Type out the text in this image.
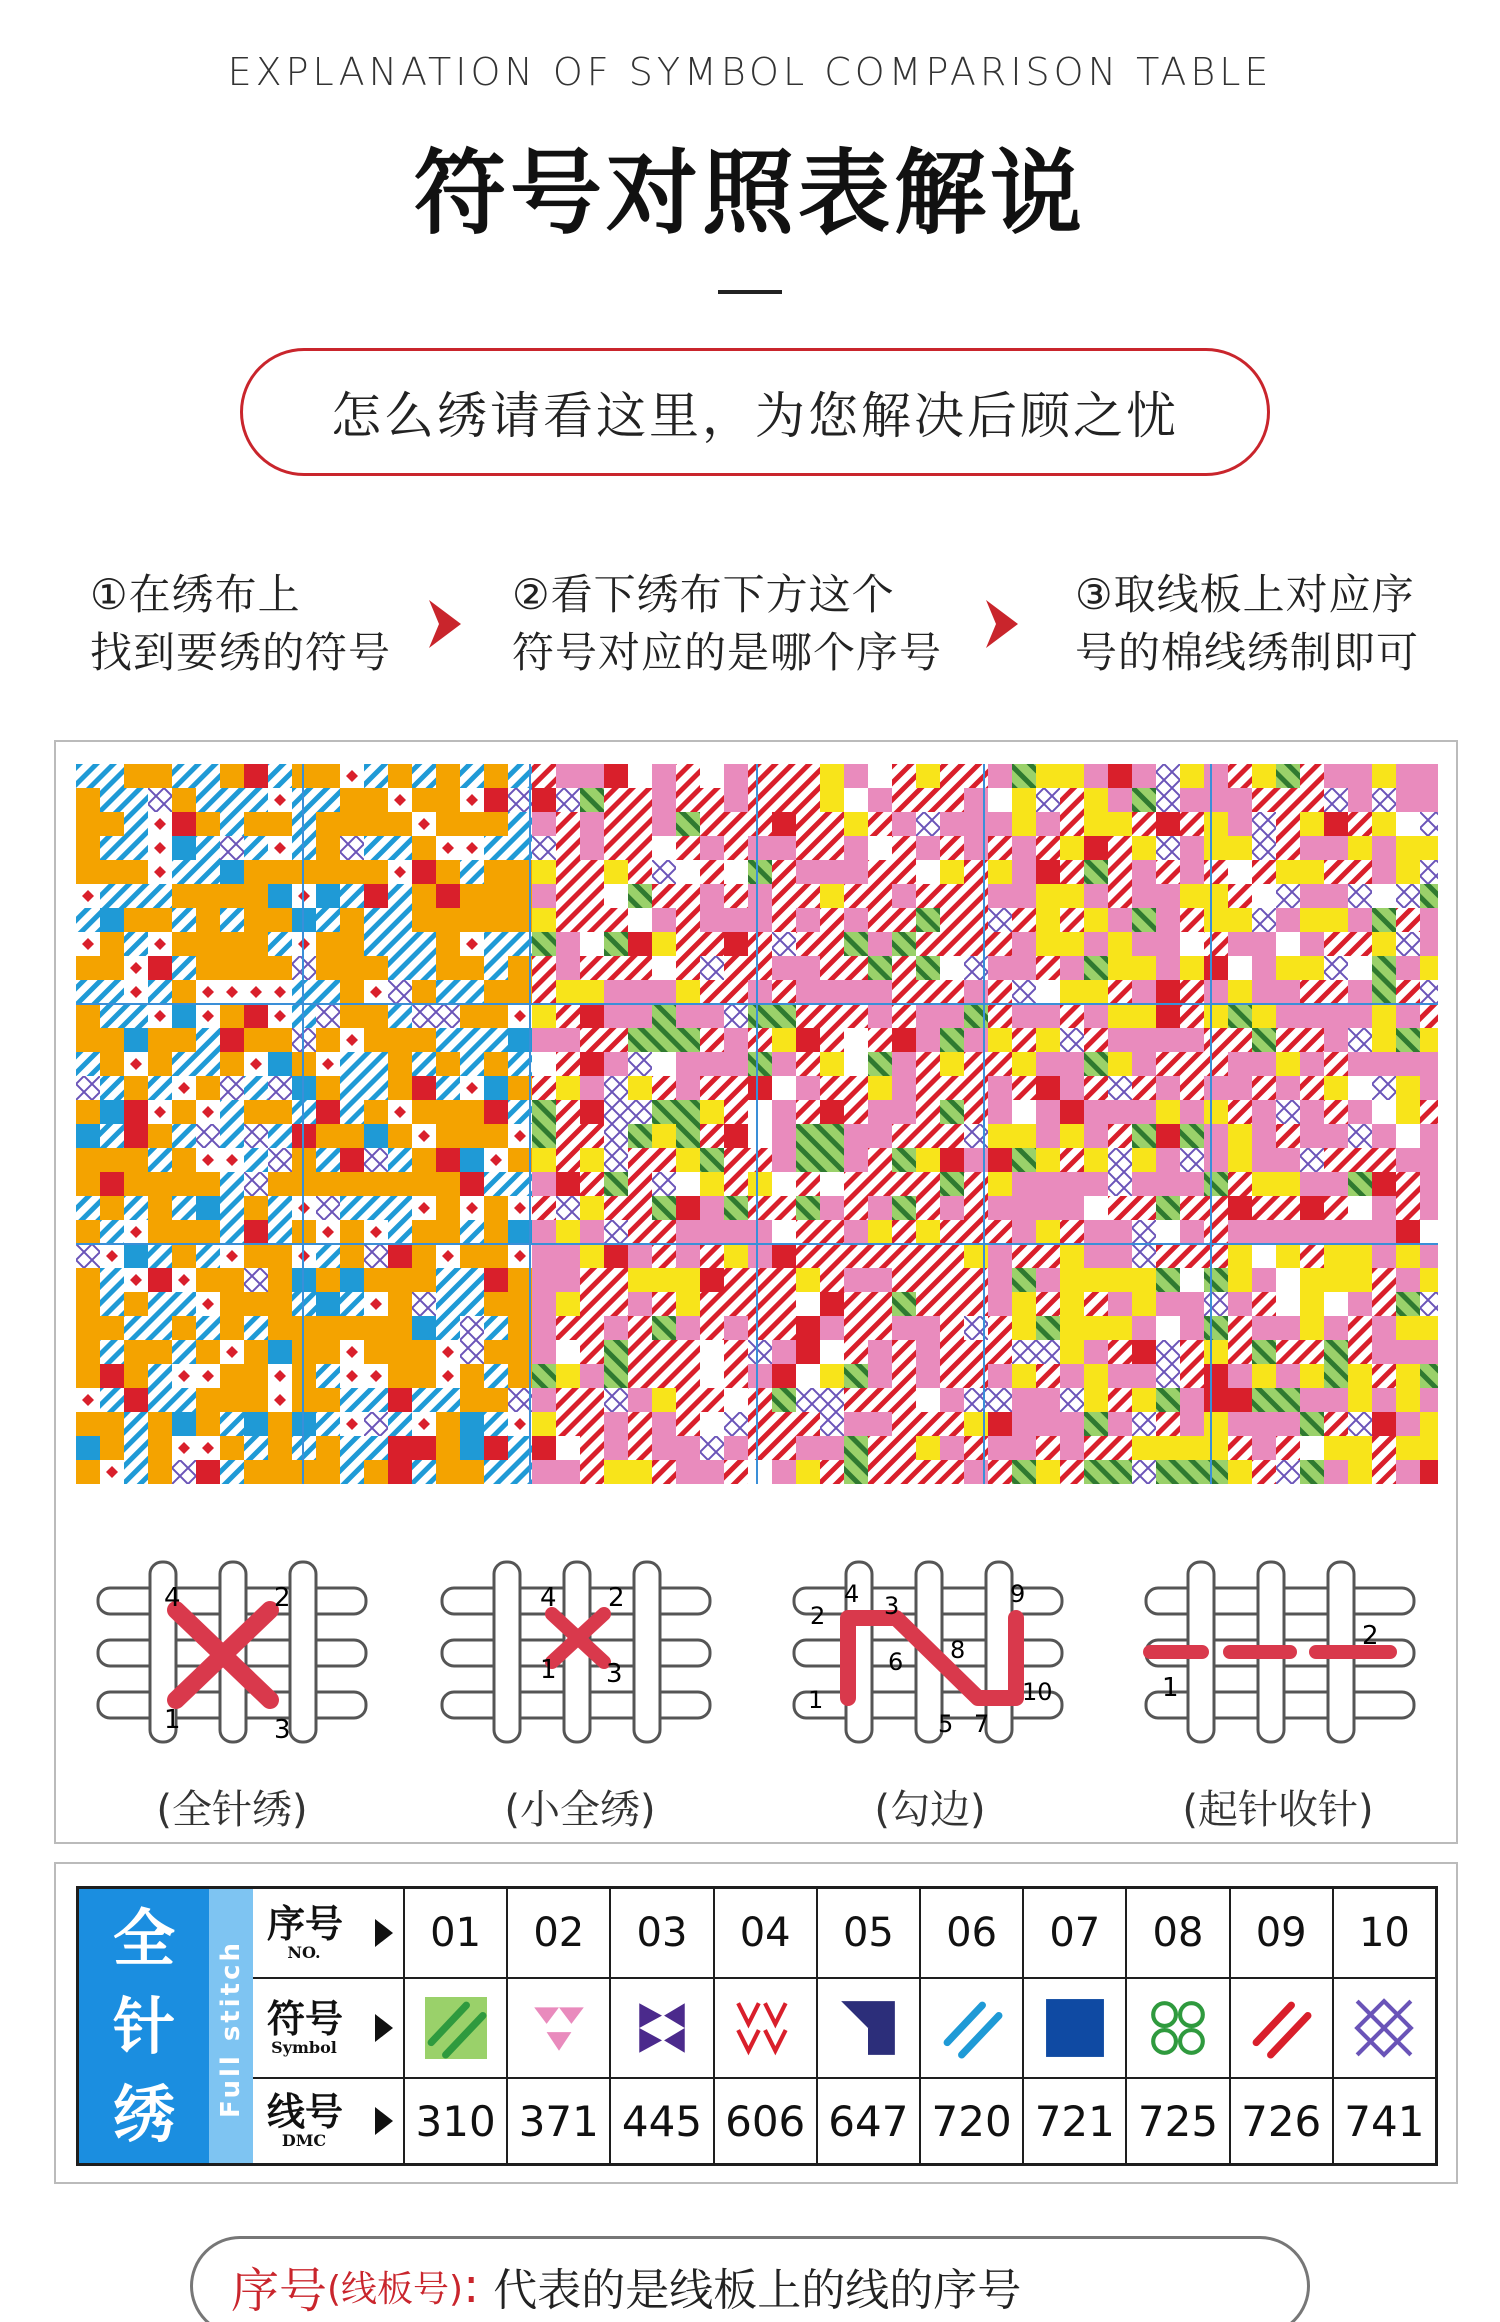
EXPLANATION OF SYMBOL COMPARISON TABLE
符号对照表解说
怎么绣请看这里，为您解决后顾之忧
①在绣布上
找到要绣的符号
②看下绣布下方这个
符号对应的是哪个序号
③取线板上对应序
号的棉线绣制即可
4	2
1	3
(全针绣)
4 2
1 3
(小全绣)
2
4 3	9
6 8
1
5 7
10
(勾边)
1
2
(起针收针)
全
针
绣	Full stitch
序号
NO.	01	02	03	04	05	06	07	08	09	10
符号
Symbol
线号
DMC	310 371 445 606 647 720 721 725 726 741
序号 (线板号) : 代表的是线板上的线的序号
